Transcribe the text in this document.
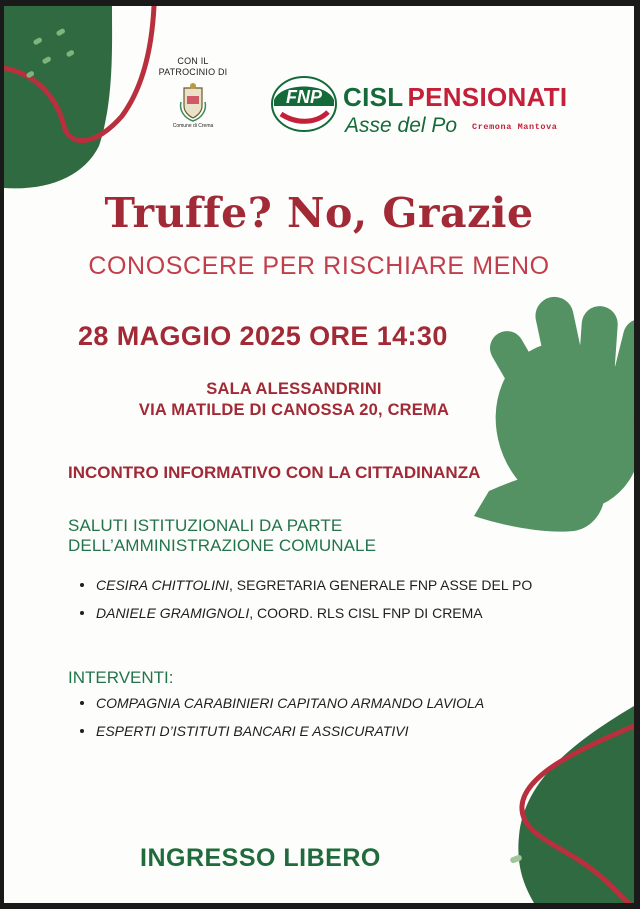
CON IL
PATROCINIO DI
Comune di Crema
FNP CISL PENSIONATI
Asse del Po Cremona Mantova
Truffe? No, Grazie
CONOSCERE PER RISCHIARE MENO
28 MAGGIO 2025 ORE 14:30
SALA ALESSANDRINI
VIA MATILDE DI CANOSSA 20, CREMA
INCONTRO INFORMATIVO CON LA CITTADINANZA
SALUTI ISTITUZIONALI DA PARTE
DELL’AMMINISTRAZIONE COMUNALE
CESIRA CHITTOLINI, SEGRETARIA GENERALE FNP ASSE DEL PO
DANIELE GRAMIGNOLI, COORD. RLS CISL FNP DI CREMA
INTERVENTI:
COMPAGNIA CARABINIERI CAPITANO ARMANDO LAVIOLA
ESPERTI D’ISTITUTI BANCARI E ASSICURATIVI
INGRESSO LIBERO
